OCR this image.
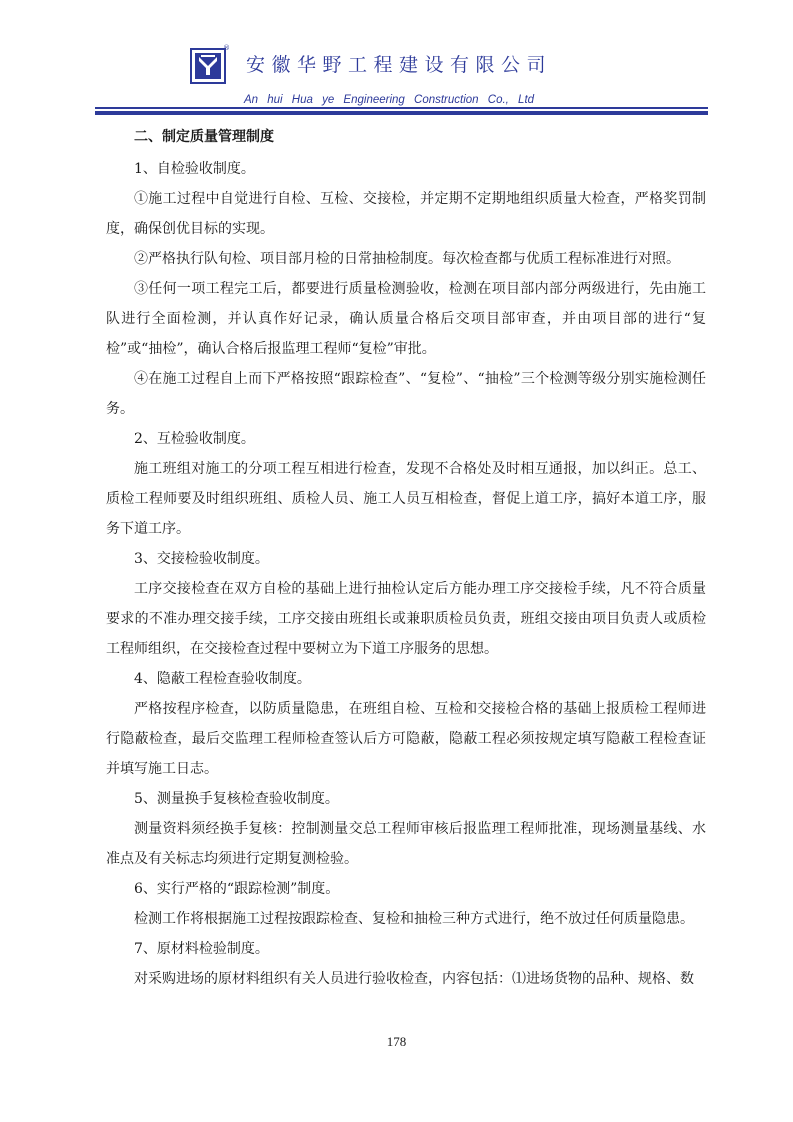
®
安徽华野工程建设有限公司
An hui Hua ye Engineering Construction Co., Ltd

二、制定质量管理制度

1、自检验收制度。

①施工过程中自觉进行自检、互检、交接检，并定期不定期地组织质量大检查，严格奖罚制度，确保创优目标的实现。

②严格执行队旬检、项目部月检的日常抽检制度。每次检查都与优质工程标准进行对照。

③任何一项工程完工后，都要进行质量检测验收，检测在项目部内部分两级进行，先由施工队进行全面检测，并认真作好记录，确认质量合格后交项目部审查，并由项目部的进行“复检”或“抽检”，确认合格后报监理工程师“复检”审批。

④在施工过程自上而下严格按照“跟踪检查”、“复检”、“抽检”三个检测等级分别实施检测任务。

2、互检验收制度。

施工班组对施工的分项工程互相进行检查，发现不合格处及时相互通报，加以纠正。总工、质检工程师要及时组织班组、质检人员、施工人员互相检查，督促上道工序，搞好本道工序，服务下道工序。

3、交接检验收制度。

工序交接检查在双方自检的基础上进行抽检认定后方能办理工序交接检手续，凡不符合质量要求的不准办理交接手续，工序交接由班组长或兼职质检员负责，班组交接由项目负责人或质检工程师组织，在交接检查过程中要树立为下道工序服务的思想。

4、隐蔽工程检查验收制度。

严格按程序检查，以防质量隐患，在班组自检、互检和交接检合格的基础上报质检工程师进行隐蔽检查，最后交监理工程师检查签认后方可隐蔽，隐蔽工程必须按规定填写隐蔽工程检查证并填写施工日志。

5、测量换手复核检查验收制度。

测量资料须经换手复核：控制测量交总工程师审核后报监理工程师批准，现场测量基线、水准点及有关标志均须进行定期复测检验。

6、实行严格的“跟踪检测”制度。

检测工作将根据施工过程按跟踪检查、复检和抽检三种方式进行，绝不放过任何质量隐患。

7、原材料检验制度。

对采购进场的原材料组织有关人员进行验收检查，内容包括：⑴进场货物的品种、规格、数

178
